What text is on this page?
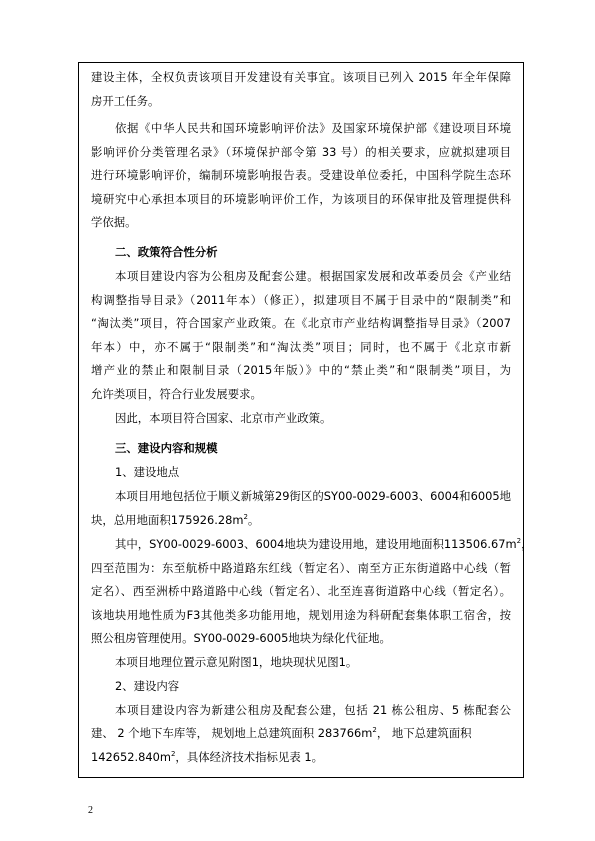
建设主体，全权负责该项目开发建设有关事宜。该项目已列入 2015 年全年保障
房开工任务。
依据《中华人民共和国环境影响评价法》及国家环境保护部《建设项目环境
影响评价分类管理名录》（环境保护部令第 33 号）的相关要求，应就拟建项目
进行环境影响评价，编制环境影响报告表。受建设单位委托，中国科学院生态环
境研究中心承担本项目的环境影响评价工作，为该项目的环保审批及管理提供科
学依据。
二、政策符合性分析
本项目建设内容为公租房及配套公建。根据国家发展和改革委员会《产业结
构调整指导目录》（2011年本）（修正），拟建项目不属于目录中的“限制类”和
“淘汰类”项目，符合国家产业政策。在《北京市产业结构调整指导目录》（2007
年本）中，亦不属于“限制类”和“淘汰类”项目；同时，也不属于《北京市新
增产业的禁止和限制目录（2015年版）》中的“禁止类”和“限制类”项目，为
允许类项目，符合行业发展要求。
因此，本项目符合国家、北京市产业政策。
三、建设内容和规模
1、建设地点
本项目用地包括位于顺义新城第29街区的SY00-0029-6003、6004和6005地
块，总用地面积$175926.28m^2$。
其中，SY00-0029-6003、6004地块为建设用地，建设用地面积$113506.67m^2$，
四至范围为：东至航桥中路道路东红线（暂定名）、南至方正东街道路中心线（暂
定名）、西至洲桥中路道路中心线（暂定名）、北至连喜街道路中心线（暂定名）。
该地块用地性质为F3其他类多功能用地，规划用途为科研配套集体职工宿舍，按
照公租房管理使用。SY00-0029-6005地块为绿化代征地。
本项目地理位置示意见附图1，地块现状见图1。
2、建设内容
本项目建设内容为新建公租房及配套公建，包括 21 栋公租房、5 栋配套公
建、 2 个地下车库等， 规划地上总建筑面积 $283766m^2$， 地下总建筑面积
$142652.840m^2$，具体经济技术指标见表 1。
2
